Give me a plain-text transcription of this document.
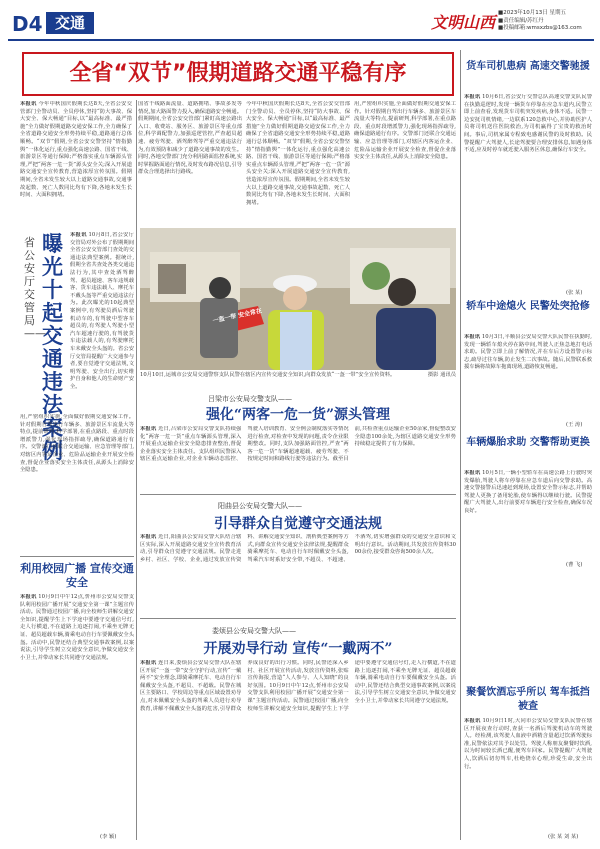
D4 交通	文明山西 ■2023年10月13日 星期五
■责任编辑/苏红丹
■投稿邮箱:wmsxzbs@163.com
全省“双节”假期道路交通平稳有序
本报讯 今年中秋国庆假期长达8天,全省公安交管部门全警动员、全员停休,坚持“防大事故、保大安全、保大畅通”目标,以“最高标准、最严措施”全力做好假期道路交通安保工作,全力确保了全省道路交通安全形势持续平稳,道路通行总体顺畅。“双节”假期,全省公安交警坚持“情指勤舆”一体化运行,重点强化高速公路、国省干线、旅游景区等通行保障;严格落实重点车辆源头管理,严把“两客一危一货”源头安全关;深入开展道路交通安全宣传教育,营造浓厚宣传氛围。假期期间,全省未发生较大以上道路交通事故,交通事故起数、死亡人数同比均有下降,各地未发生长时间、大面积拥堵。
省公安厅交管局——
曝光十起交通违法案例
本报讯 10月8日,省公安厅交管局对外公布了假期期间全省公安交管部门查处的交通违法典型案例。据统计,假期全省共查处各类交通违法行为,其中查处酒驾醉驾、超员超速、客车违规载客、货车违法载人、摩托车不戴头盔等严重交通违法行为。此次曝光的10起典型案例中,有驾驶员酒后驾驶机动车的,有驾驶中型客车超员的,有驾驶人驾驶小型汽车超速行驶的,有驾驶货车违法载人的,有驾驶摩托车未戴安全头盔的。省公安厅交管局提醒广大交通参与者,要自觉遵守交通法规,文明驾驶、安全出行,切实维护自身和他人的生命财产安全。
用,严密组织实施,全面做好假期交通安保工作。针对假期自驾出行车辆多、旅游景区车流量大等特点,提前研判,科学部署,在重点路段、重点时段增派警力,强化现场指挥疏导,确保道路通行有序。交警部门还联合交通运输、应急管理等部门,对辖区内客运企业、危险品运输企业开展安全检查,督促企业落实安全主体责任,从源头上消除安全隐患。
国省干线路面流量、道路拥堵、事故多发等情况,加大路面警力投入,确保道路安全畅通。假期期间,全省公安交管部门紧盯高速公路出入口、收费站、服务区、旅游景区等重点部位,科学调配警力,加强巡逻管控,严查超员超速、疲劳驾驶、酒驾醉驾等严重交通违法行为,有效预防和减少了道路交通事故的发生。同时,各地交警部门充分利用路面监控系统,实时掌握路面通行情况,及时发布路况信息,引导群众合理选择出行路线。
今年中秋国庆假期长达8天,全省公安交管部门全警动员、全员停休,坚持“防大事故、保大安全、保大畅通”目标,以“最高标准、最严措施”全力做好假期道路交通安保工作,全力确保了全省道路交通安全形势持续平稳,道路通行总体顺畅。“双节”假期,全省公安交警坚持“情指勤舆”一体化运行,重点强化高速公路、国省干线、旅游景区等通行保障;严格落实重点车辆源头管理,严把“两客一危一货”源头安全关;深入开展道路交通安全宣传教育,营造浓厚宣传氛围。假期期间,全省未发生较大以上道路交通事故,交通事故起数、死亡人数同比均有下降,各地未发生长时间、大面积拥堵。
用,严密组织实施,全面做好假期交通安保工作。针对假期自驾出行车辆多、旅游景区车流量大等特点,提前研判,科学部署,在重点路段、重点时段增派警力,强化现场指挥疏导,确保道路通行有序。交警部门还联合交通运输、应急管理等部门,对辖区内客运企业、危险品运输企业开展安全检查,督促企业落实安全主体责任,从源头上消除安全隐患。
一盔一带 安全常在
10月10日,运城市公安局交通警察支队民警在辖区内宣传交通安全知识,向群众发放“一盔一带”安全宣传资料。	摄影 通讯员
吕梁市公安局交警支队——
强化“两客一危一货”源头管理
本报讯 近日,吕梁市公安局交警支队持续强化“两客一危一货”重点车辆源头管理,深入开展重点运输企业安全隐患排查整治,督促企业落实安全主体责任。支队组织民警深入辖区重点运输企业,对企业车辆动态监控、驾驶人培训教育、安全例会制度落实等情况进行检查,对检查中发现的问题,责令企业限期整改。同时,支队加强路面管控,严查“两客一危一货”车辆超速超载、疲劳驾驶、不按规定时间和路线行驶等违法行为。截至目前,共检查重点运输企业50余家,督促整改安全隐患100余处,为辖区道路交通安全形势持续稳定提供了有力保障。
阳曲县公安局交警大队——
引导群众自觉遵守交通法规
本报讯 近日,阳曲县公安局交警大队结合辖区实际,深入开展道路交通安全宣传教育活动,引导群众自觉遵守交通法规。民警走进乡村、社区、学校、企业,通过发放宣传资料、讲解交通安全知识、剖析典型案例等方式,向群众宣传交通安全法律法规,提醒群众骑乘摩托车、电动自行车时佩戴安全头盔,驾乘汽车时系好安全带,不超员、不超速、不酒驾,切实增强群众的交通安全意识和文明出行意识。活动期间,共发放宣传资料3000余份,接受群众咨询500余人次。
娄烦县公安局交警大队——
开展劝导行动 宣传“一戴两不”
本报讯 连日来,娄烦县公安局交警大队在辖区开展“一盔一带”安全守护行动,宣传“一戴两不”安全理念,即骑乘摩托车、电动自行车佩戴安全头盔,不超员、不超载。民警在城区主要路口、学校周边等重点区域设置劝导点,对未佩戴安全头盔的驾乘人员进行劝导教育,讲解不佩戴安全头盔的危害,引导群众养成良好的出行习惯。同时,民警还深入乡村、社区开展宣传活动,发放宣传资料,张贴宣传海报,营造“人人参与、人人知晓”的良好氛围。10月9日中午12点,忻州市公安局交警支队利用校园广播开展“交通安全第一课”主题宣传活动。民警通过校园广播,向全校师生讲解交通安全知识,提醒学生上下学途中要遵守交通信号灯,走人行横道,不在道路上追逐打闹,不乘坐无牌无证、超员超载车辆,骑乘电动自行车要佩戴安全头盔。活动中,民警还结合典型交通事故案例,以案说法,引导学生树立交通安全意识,争做交通安全小卫士,并带动家长共同遵守交通法规。
利用校园广播 宣传交通安全
本报讯 10月9日中午12点,忻州市公安局交警支队利用校园广播开展“交通安全第一课”主题宣传活动。民警通过校园广播,向全校师生讲解交通安全知识,提醒学生上下学途中要遵守交通信号灯,走人行横道,不在道路上追逐打闹,不乘坐无牌无证、超员超载车辆,骑乘电动自行车要佩戴安全头盔。活动中,民警还结合典型交通事故案例,以案说法,引导学生树立交通安全意识,争做交通安全小卫士,并带动家长共同遵守交通法规。
(李 颖)
货车司机患病 高速交警驰援
本报讯 10月6日,省公安厅交警总队高速交警支队民警在执勤巡逻时,发现一辆货车停靠在应急车道内,民警立即上前查看,发现货车司机突发疾病,身体不适。民警一边安抚司机情绪,一边联系120急救中心,并协助医护人员将司机送往医院救治,为司机赢得了宝贵的救治时间。事后,司机家属专程致电感谢民警的及时救助。民警提醒广大驾驶人,长途驾驶要合理安排休息,如遇身体不适,应及时停车就近驶入服务区休息,确保行车安全。
(张 某)
轿车中途熄火 民警处突抢修
本报讯 10月3日,平顺县公安局交警大队民警在执勤时,发现一辆轿车熄火停在路中间,驾驶人正焦急地打电话求助。民警立即上前了解情况,并在车后方设置警示标志,疏导过往车辆,防止发生二次事故。随后,民警联系救援车辆将故障车拖离现场,道路恢复畅通。
(王 涛)
车辆爆胎求助 交警帮助更换
本报讯 10月5日,一辆小型轿车在高速公路上行驶时突发爆胎,驾驶人将车停靠在应急车道后向交警求助。高速交警接警后迅速赶到现场,设置安全警示标志,并帮助驾驶人更换了备用轮胎,使车辆得以继续行驶。民警提醒广大驾驶人,出行前要对车辆进行安全检查,确保车况良好。
(曹 飞)
聚餐饮酒忘乎所以 驾车抵挡被查
本报讯 10月9日1时,大同市公安局交警支队民警在辖区开展夜查行动时,查获一名酒后驾驶机动车的驾驶人。经检测,该驾驶人血液中酒精含量超过饮酒驾驶标准,民警依法对其予以处罚。驾驶人称朋友聚餐时饮酒,以为时间较长酒已醒,便驾车回家。民警提醒广大驾驶人,饮酒后切勿驾车,杜绝侥幸心理,珍爱生命,安全出行。
(张 某 刘 某)
